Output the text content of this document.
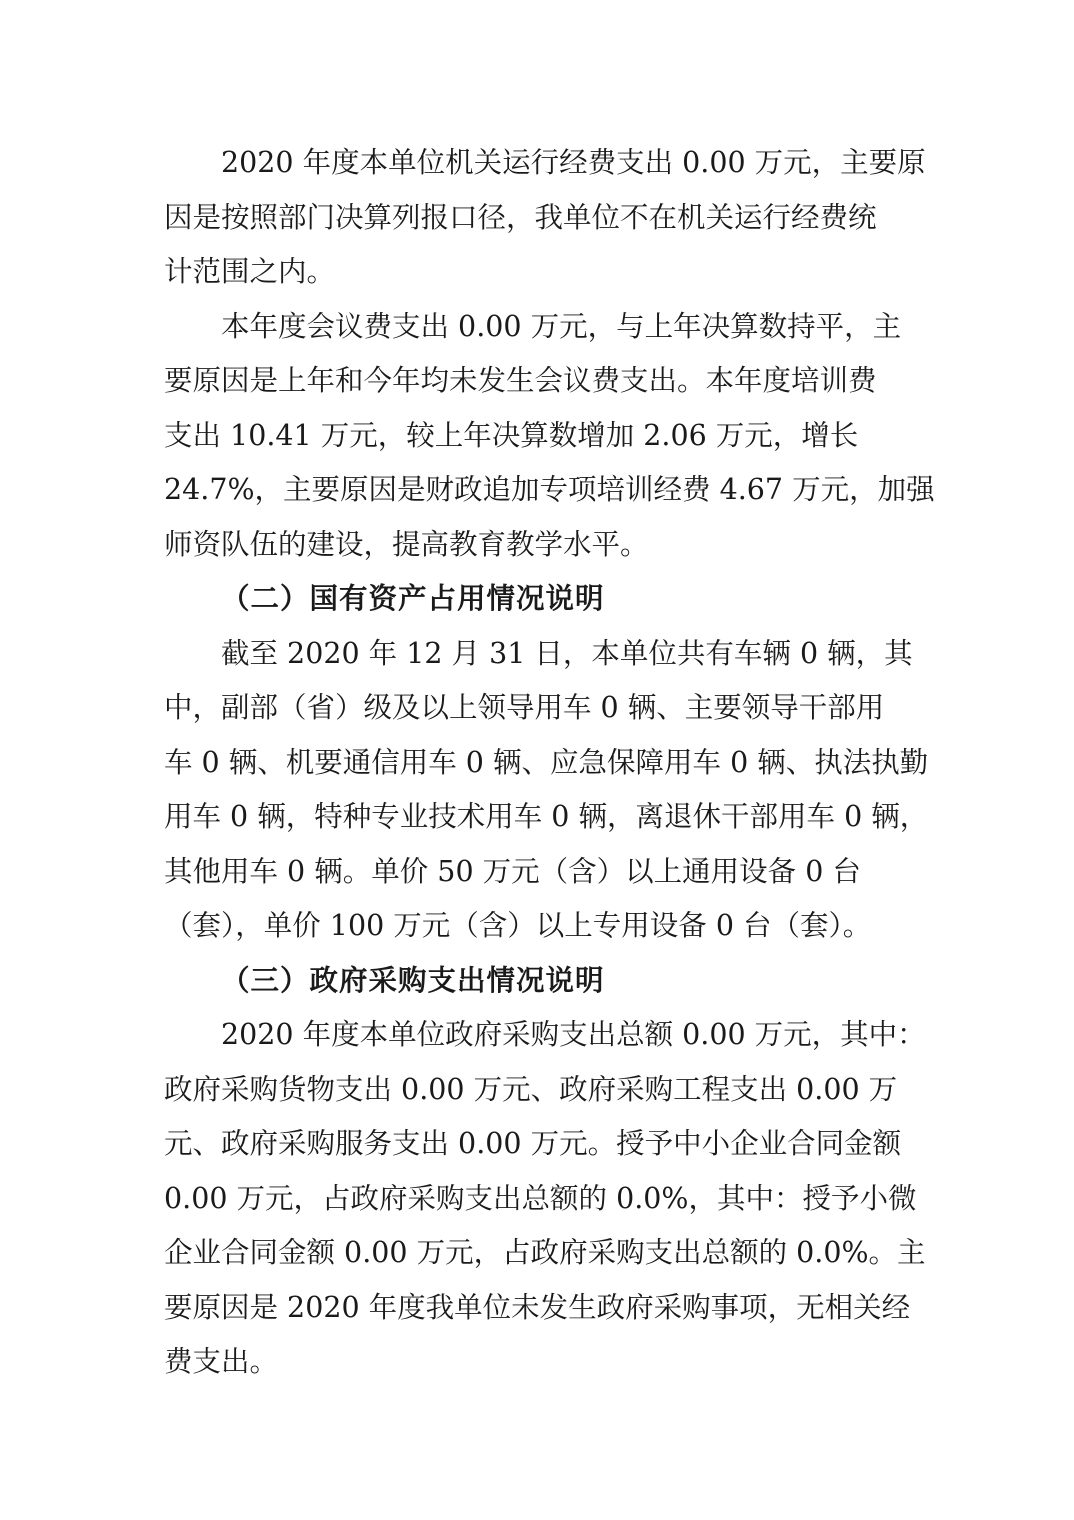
2020 年度本单位机关运行经费支出 0.00 万元，主要原
因是按照部门决算列报口径，我单位不在机关运行经费统
计范围之内。

本年度会议费支出 0.00 万元，与上年决算数持平，主
要原因是上年和今年均未发生会议费支出。本年度培训费
支出 10.41 万元，较上年决算数增加 2.06 万元，增长
24.7%，主要原因是财政追加专项培训经费 4.67 万元，加强
师资队伍的建设，提高教育教学水平。

（二）国有资产占用情况说明

截至 2020 年 12 月 31 日，本单位共有车辆 0 辆，其
中，副部（省）级及以上领导用车 0 辆、主要领导干部用
车 0 辆、机要通信用车 0 辆、应急保障用车 0 辆、执法执勤
用车 0 辆，特种专业技术用车 0 辆，离退休干部用车 0 辆，
其他用车 0 辆。单价 50 万元（含）以上通用设备 0 台
（套），单价 100 万元（含）以上专用设备 0 台（套）。

（三）政府采购支出情况说明

2020 年度本单位政府采购支出总额 0.00 万元，其中：
政府采购货物支出 0.00 万元、政府采购工程支出 0.00 万
元、政府采购服务支出 0.00 万元。授予中小企业合同金额
0.00 万元，占政府采购支出总额的 0.0%，其中：授予小微
企业合同金额 0.00 万元，占政府采购支出总额的 0.0%。主
要原因是 2020 年度我单位未发生政府采购事项，无相关经
费支出。
